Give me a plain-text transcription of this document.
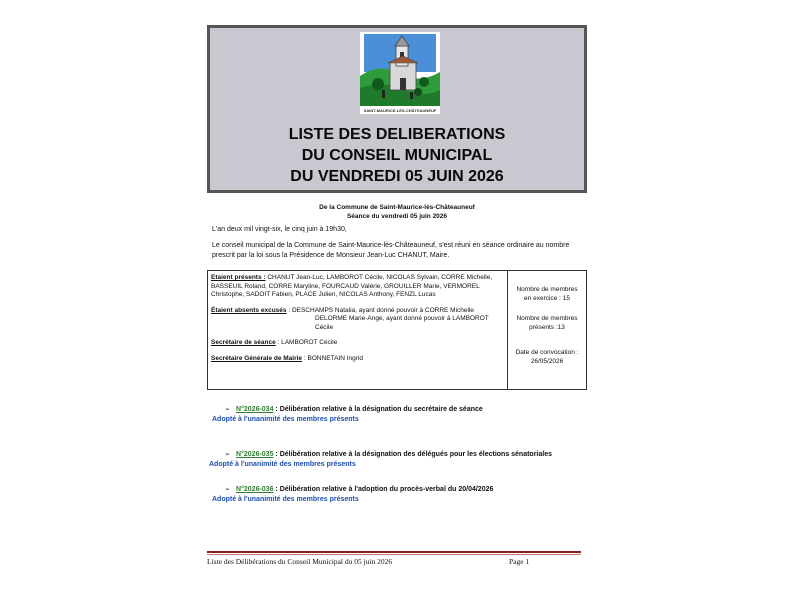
SAINT-MAURICE-LÈS-CHÂTEAUNEUF
LISTE DES DELIBERATIONS
DU CONSEIL MUNICIPAL
DU VENDREDI 05 JUIN 2026
De la Commune de Saint-Maurice-lès-Châteauneuf
Séance du vendredi 05 juin 2026
L'an deux mil vingt-six, le cinq juin à 19h30,
Le conseil municipal de la Commune de Saint-Maurice-lès-Châteauneuf, s'est réuni en séance ordinaire au nombre prescrit par la loi sous la Présidence de Monsieur Jean-Luc CHANUT, Maire.
Etaient présents : CHANUT Jean-Luc, LAMBOROT Cécile, NICOLAS Sylvain, CORRE Michelle, BASSEUIL Roland, CORRE Maryline, FOURCAUD Valérie, GROUILLER Marie, VERMOREL Christophe, SADOIT Fabien, PLACE Julien, NICOLAS Anthony, FENZL Lucas
Étaient absents excusés : DESCHAMPS Natalia, ayant donné pouvoir à CORRE Michelle
DELORME Marie-Ange, ayant donné pouvoir à LAMBOROT Cécile
Secrétaire de séance : LAMBOROT Cécile
Secrétaire Générale de Mairie : BONNETAIN Ingrid
Nombre de membres
en exercice : 15
Nombre de membres
présents :13
Date de convocation :
26/05/2026
➢ N°2026-034 : Délibération relative à la désignation du secrétaire de séance
Adopté à l'unanimité des membres présents
➢ N°2026-035 : Délibération relative à la désignation des délégués pour les élections sénatoriales
Adopté à l'unanimité des membres présents
➢ N°2026-036 : Délibération relative à l'adoption du procès-verbal du 20/04/2026
Adopté à l'unanimité des membres présents
Liste des Délibérations du Conseil Municipal du 05 juin 2026	Page 1
